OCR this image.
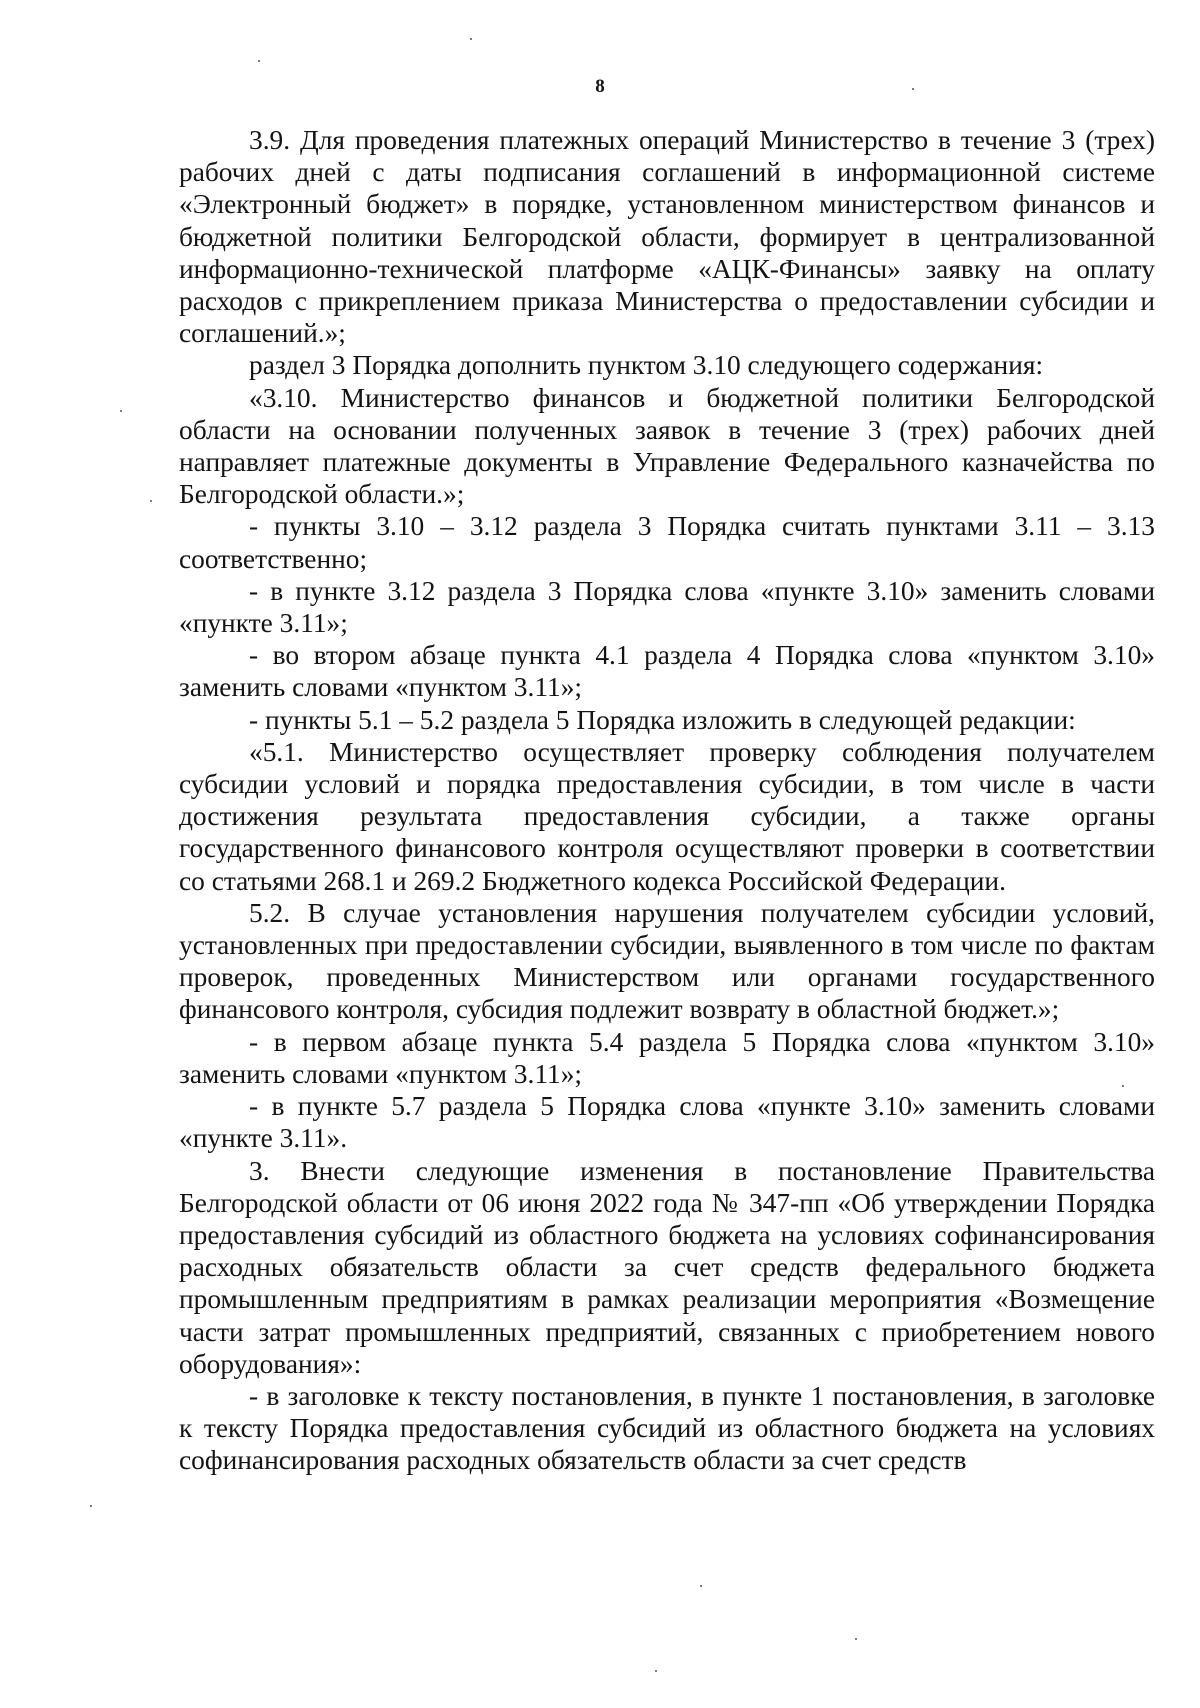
8

3.9. Для проведения платежных операций Министерство в течение 3 (трех) рабочих дней с даты подписания соглашений в информационной системе «Электронный бюджет» в порядке, установленном министерством финансов и бюджетной политики Белгородской области, формирует в централизованной информационно-технической платформе «АЦК-Финансы» заявку на оплату расходов с прикреплением приказа Министерства о предоставлении субсидии и соглашений.»;

раздел 3 Порядка дополнить пунктом 3.10 следующего содержания:

«3.10. Министерство финансов и бюджетной политики Белгородской области на основании полученных заявок в течение 3 (трех) рабочих дней направляет платежные документы в Управление Федерального казначейства по Белгородской области.»;

- пункты 3.10 – 3.12 раздела 3 Порядка считать пунктами 3.11 – 3.13 соответственно;

- в пункте 3.12 раздела 3 Порядка слова «пункте 3.10» заменить словами «пункте 3.11»;

- во втором абзаце пункта 4.1 раздела 4 Порядка слова «пунктом 3.10» заменить словами «пунктом 3.11»;

- пункты 5.1 – 5.2 раздела 5 Порядка изложить в следующей редакции:

«5.1. Министерство осуществляет проверку соблюдения получателем субсидии условий и порядка предоставления субсидии, в том числе в части достижения результата предоставления субсидии, а также органы государственного финансового контроля осуществляют проверки в соответствии со статьями 268.1 и 269.2 Бюджетного кодекса Российской Федерации.

5.2. В случае установления нарушения получателем субсидии условий, установленных при предоставлении субсидии, выявленного в том числе по фактам проверок, проведенных Министерством или органами государственного финансового контроля, субсидия подлежит возврату в областной бюджет.»;

- в первом абзаце пункта 5.4 раздела 5 Порядка слова «пунктом 3.10» заменить словами «пунктом 3.11»;

- в пункте 5.7 раздела 5 Порядка слова «пункте 3.10» заменить словами «пункте 3.11».

3. Внести следующие изменения в постановление Правительства Белгородской области от 06 июня 2022 года № 347-пп «Об утверждении Порядка предоставления субсидий из областного бюджета на условиях софинансирования расходных обязательств области за счет средств федерального бюджета промышленным предприятиям в рамках реализации мероприятия «Возмещение части затрат промышленных предприятий, связанных с приобретением нового оборудования»:

- в заголовке к тексту постановления, в пункте 1 постановления, в заголовке к тексту Порядка предоставления субсидий из областного бюджета на условиях софинансирования расходных обязательств области за счет средств
